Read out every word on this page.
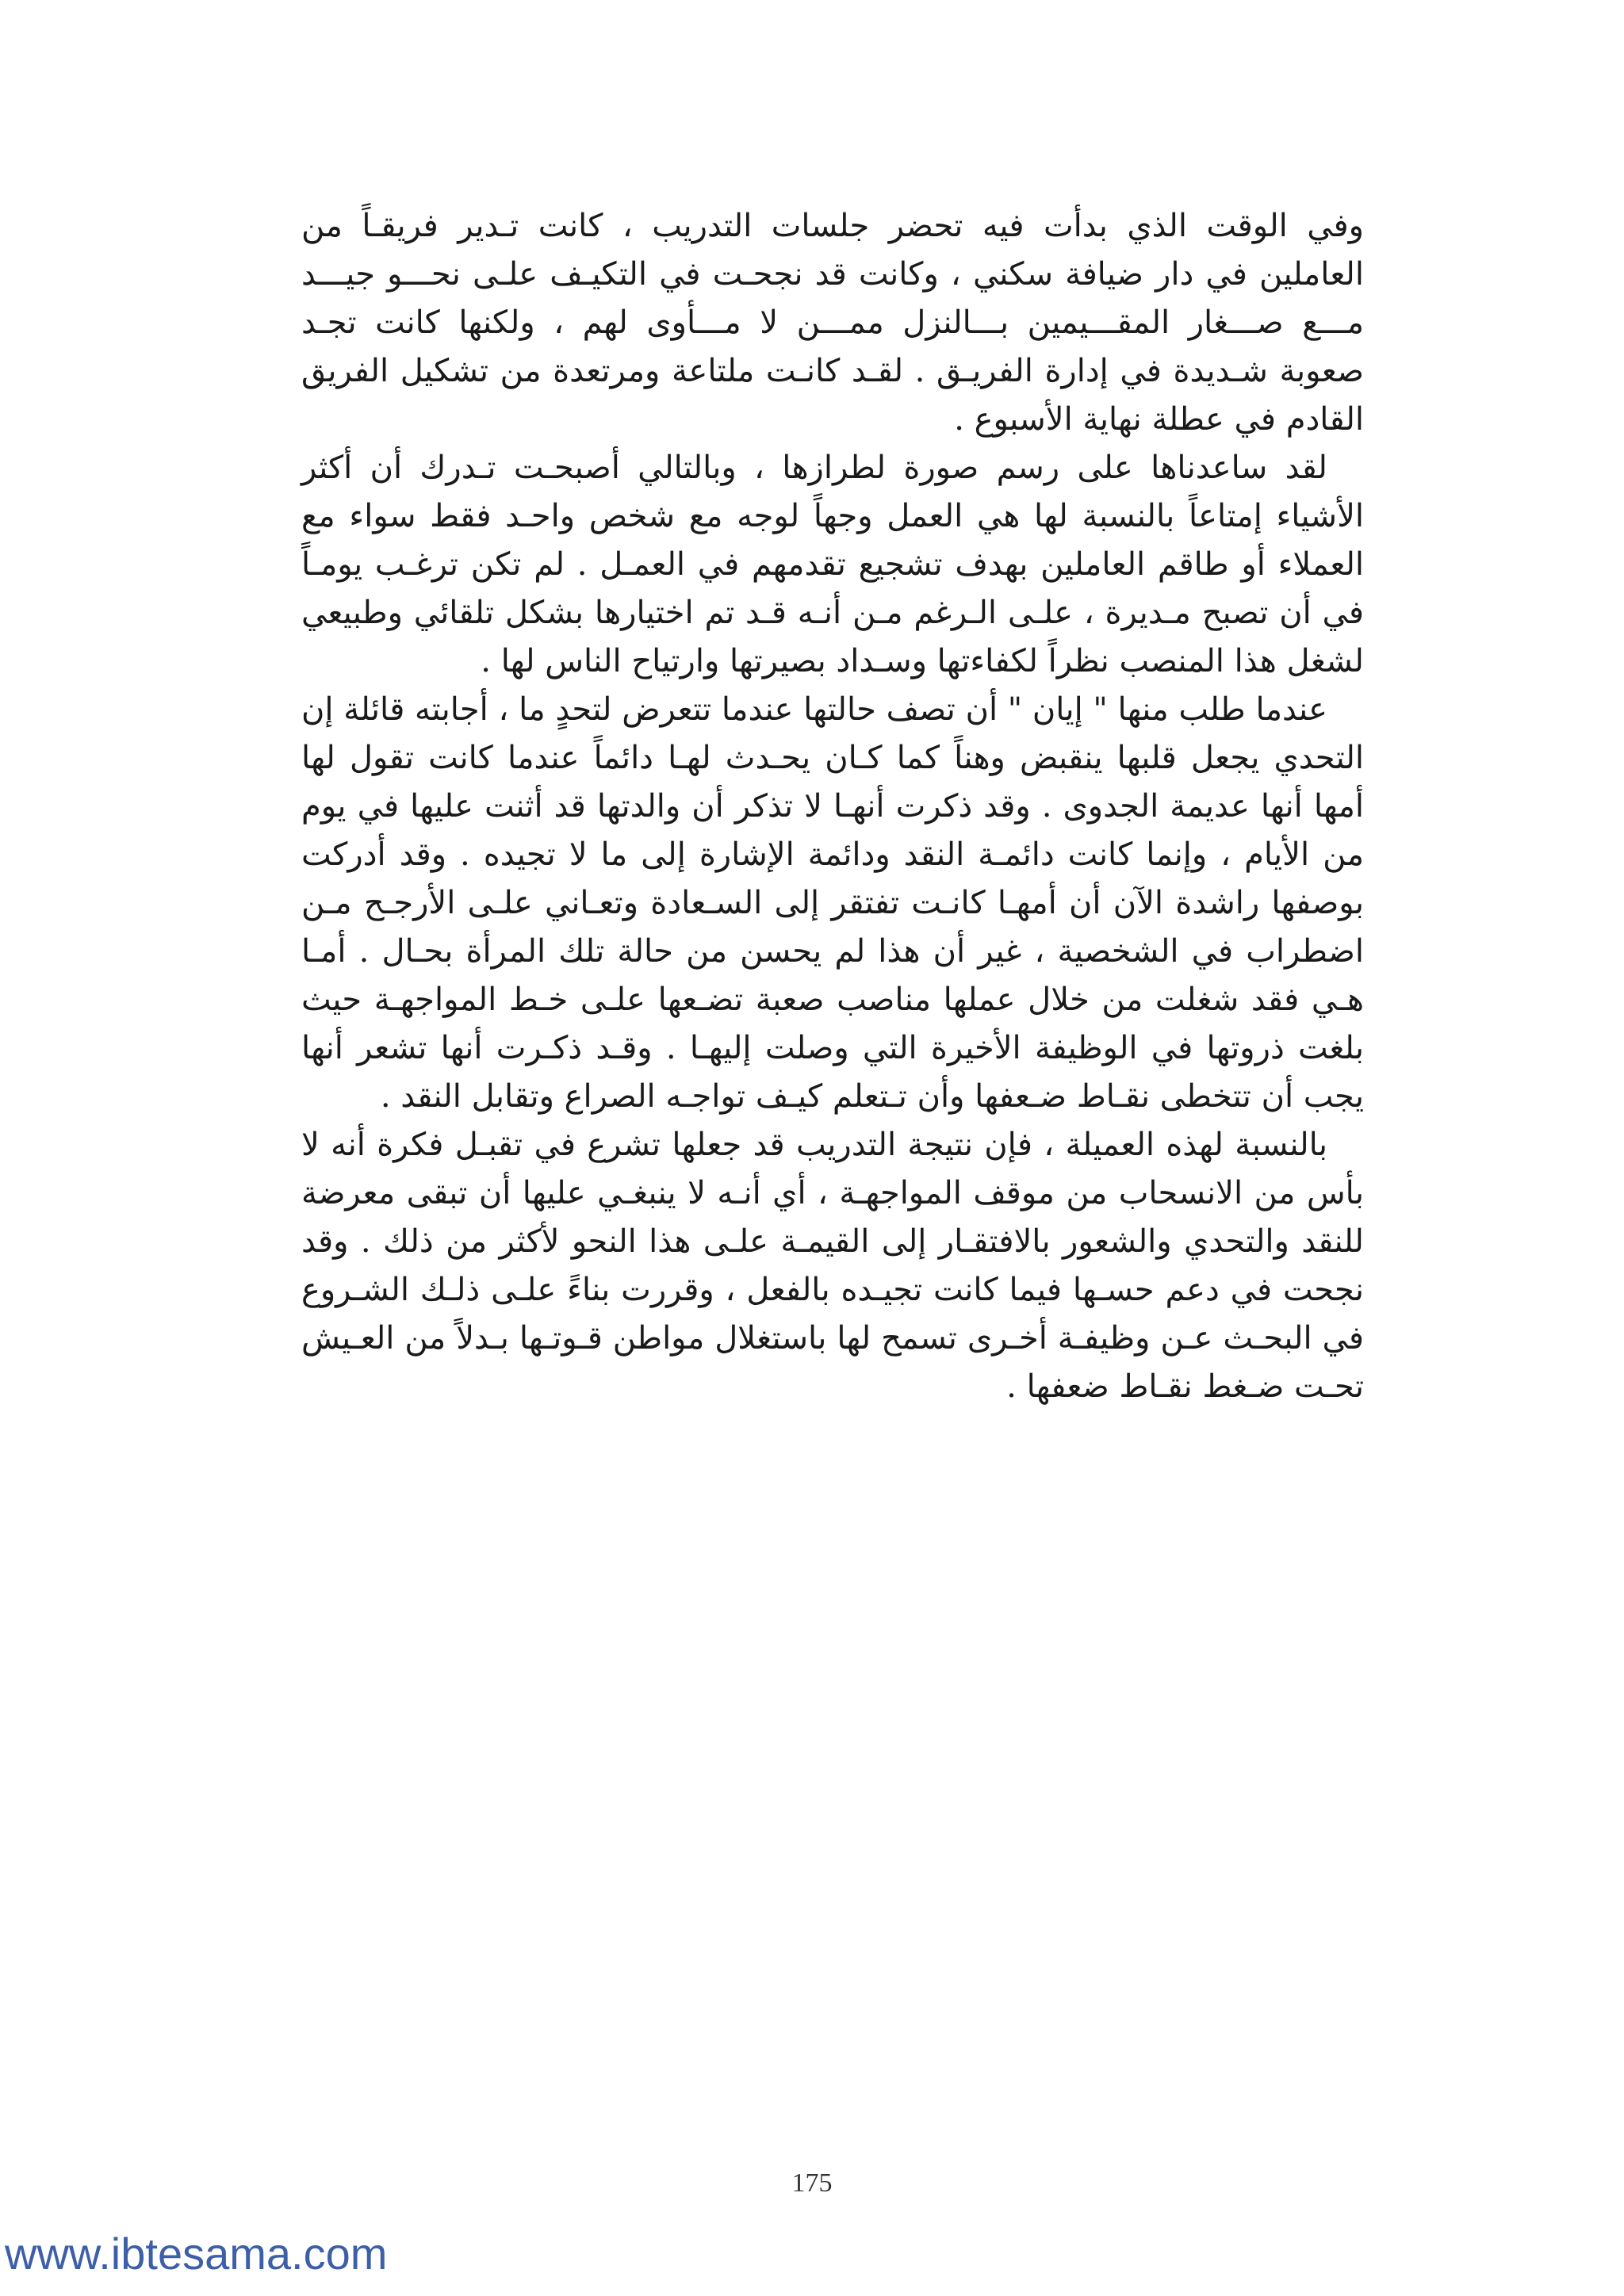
وفي الوقت الذي بدأت فيه تحضر جلسات التدريب ، كانت تـدير فريقـاً من العاملين في دار ضيافة سكني ، وكانت قد نجحـت في التكيـف علـى نحـــو جيـــد مـــع صـــغار المقـــيمين بـــالنزل ممـــن لا مـــأوى لهم ، ولكنها كانت تجـد صعوبة شـديدة في إدارة الفريـق . لقـد كانـت ملتاعة ومرتعدة من تشكيل الفريق القادم في عطلة نهاية الأسبوع .

لقد ساعدناها على رسم صورة لطرازها ، وبالتالي أصبحـت تـدرك أن أكثر الأشياء إمتاعاً بالنسبة لها هي العمل وجهاً لوجه مع شخص واحـد فقط سواء مع العملاء أو طاقم العاملين بهدف تشجيع تقدمهم في العمـل . لم تكن ترغـب يومـاً في أن تصبح مـديرة ، علـى الـرغم مـن أنـه قـد تم اختيارها بشكل تلقائي وطبيعي لشغل هذا المنصب نظراً لكفاءتها وسـداد بصيرتها وارتياح الناس لها .

عندما طلب منها " إيان " أن تصف حالتها عندما تتعرض لتحدٍ ما ، أجابته قائلة إن التحدي يجعل قلبها ينقبض وهناً كما كـان يحـدث لهـا دائماً عندما كانت تقول لها أمها أنها عديمة الجدوى . وقد ذكرت أنهـا لا تذكر أن والدتها قد أثنت عليها في يوم من الأيام ، وإنما كانت دائمـة النقد ودائمة الإشارة إلى ما لا تجيده . وقد أدركت بوصفها راشدة الآن أن أمهـا كانـت تفتقر إلى السـعادة وتعـاني علـى الأرجـح مـن اضطراب في الشخصية ، غير أن هذا لم يحسن من حالة تلك المرأة بحـال . أمـا هـي فقد شغلت من خلال عملها مناصب صعبة تضـعها علـى خـط المواجهـة حيث بلغت ذروتها في الوظيفة الأخيرة التي وصلت إليهـا . وقـد ذكـرت أنها تشعر أنها يجب أن تتخطى نقـاط ضـعفها وأن تـتعلم كيـف تواجـه الصراع وتقابل النقد .

بالنسبة لهذه العميلة ، فإن نتيجة التدريب قد جعلها تشرع في تقبـل فكرة أنه لا بأس من الانسحاب من موقف المواجهـة ، أي أنـه لا ينبغـي عليها أن تبقى معرضة للنقد والتحدي والشعور بالافتقـار إلى القيمـة علـى هذا النحو لأكثر من ذلك . وقد نجحت في دعم حسـها فيما كانت تجيـده بالفعل ، وقررت بناءً علـى ذلـك الشـروع في البحـث عـن وظيفـة أخـرى تسمح لها باستغلال مواطن قـوتـها بـدلاً من العـيش تحـت ضـغط نقـاط ضعفها .

175
www.ibtesama.com
